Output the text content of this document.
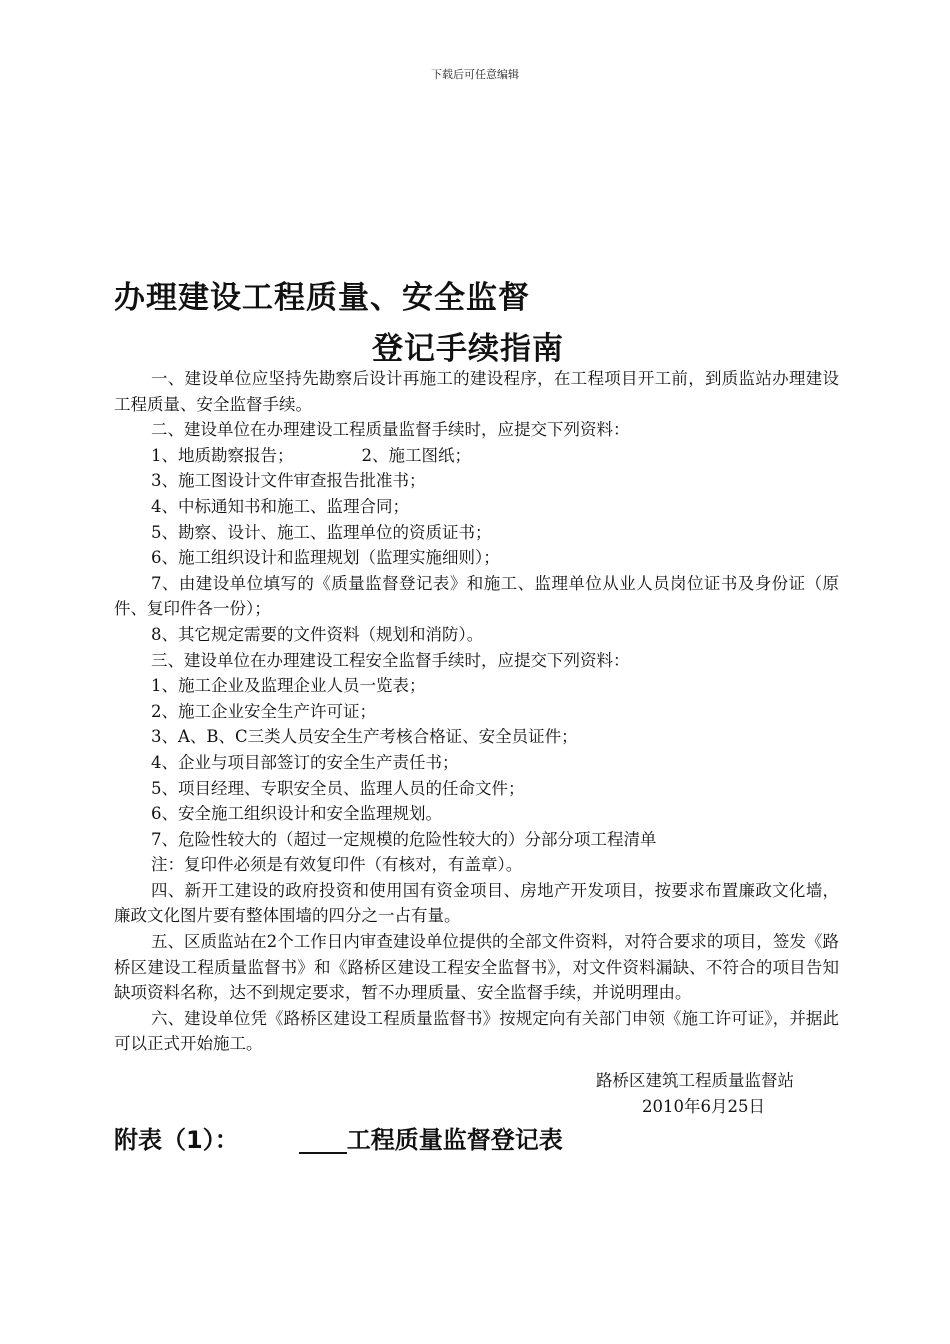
下载后可任意编辑
办理建设工程质量、安全监督
登记手续指南

一、建设单位应坚持先勘察后设计再施工的建设程序，在工程项目开工前，到质监站办理建设工程质量、安全监督手续。

二、建设单位在办理建设工程质量监督手续时，应提交下列资料：

1、地质勘察报告；	2、施工图纸；

3、施工图设计文件审查报告批准书；

4、中标通知书和施工、监理合同；

5、勘察、设计、施工、监理单位的资质证书；

6、施工组织设计和监理规划（监理实施细则）；

7、由建设单位填写的《质量监督登记表》和施工、监理单位从业人员岗位证书及身份证（原件、复印件各一份）；

8、其它规定需要的文件资料（规划和消防）。

三、建设单位在办理建设工程安全监督手续时，应提交下列资料：

1、施工企业及监理企业人员一览表；

2、施工企业安全生产许可证；

3、A、B、C三类人员安全生产考核合格证、安全员证件；

4、企业与项目部签订的安全生产责任书；

5、项目经理、专职安全员、监理人员的任命文件；

6、安全施工组织设计和安全监理规划。

7、危险性较大的（超过一定规模的危险性较大的）分部分项工程清单

注：复印件必须是有效复印件（有核对，有盖章）。

四、新开工建设的政府投资和使用国有资金项目、房地产开发项目，按要求布置廉政文化墙，廉政文化图片要有整体围墙的四分之一占有量。

五、区质监站在2个工作日内审查建设单位提供的全部文件资料，对符合要求的项目，签发《路桥区建设工程质量监督书》和《路桥区建设工程安全监督书》，对文件资料漏缺、不符合的项目告知缺项资料名称，达不到规定要求，暂不办理质量、安全监督手续，并说明理由。

六、建设单位凭《路桥区建设工程质量监督书》按规定向有关部门申领《施工许可证》，并据此可以正式开始施工。

路桥区建筑工程质量监督站
2010年6月25日
附表（1）：	工程质量监督登记表
